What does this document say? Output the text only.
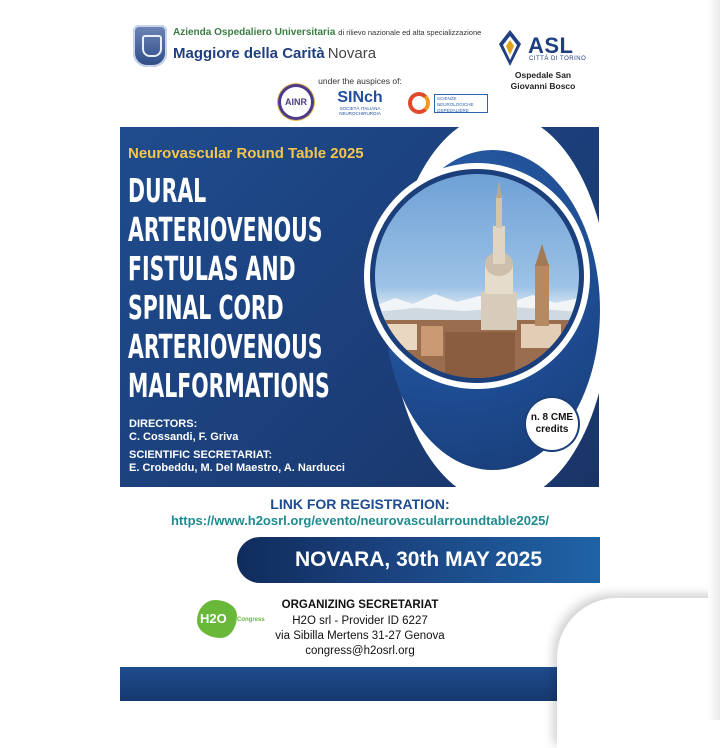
Azienda Ospedaliero Universitaria di rilievo nazionale ed alta specializzazione
Maggiore della Carità Novara	ASL
CITTÀ DI TORINO
Ospedale San Giovanni Bosco
under the auspices of:
AINR	SINch
SOCIETÀ ITALIANA NEUROCHIRURGIA
SCIENZE NEUROLOGICHE OSPEDALIERE
Neurovascular Round Table 2025
DURAL
ARTERIOVENOUS
FISTULAS AND
SPINAL CORD
ARTERIOVENOUS
MALFORMATIONS
DIRECTORS:
C. Cossandi, F. Griva
SCIENTIFIC SECRETARIAT:
E. Crobeddu, M. Del Maestro, A. Narducci
n. 8 CME
credits
LINK FOR REGISTRATION:
https://www.h2osrl.org/evento/neurovascularroundtable2025/
NOVARA, 30th MAY 2025
H2O Congress
ORGANIZING SECRETARIAT
H2O srl - Provider ID 6227
via Sibilla Mertens 31-27 Genova
congress@h2osrl.org
